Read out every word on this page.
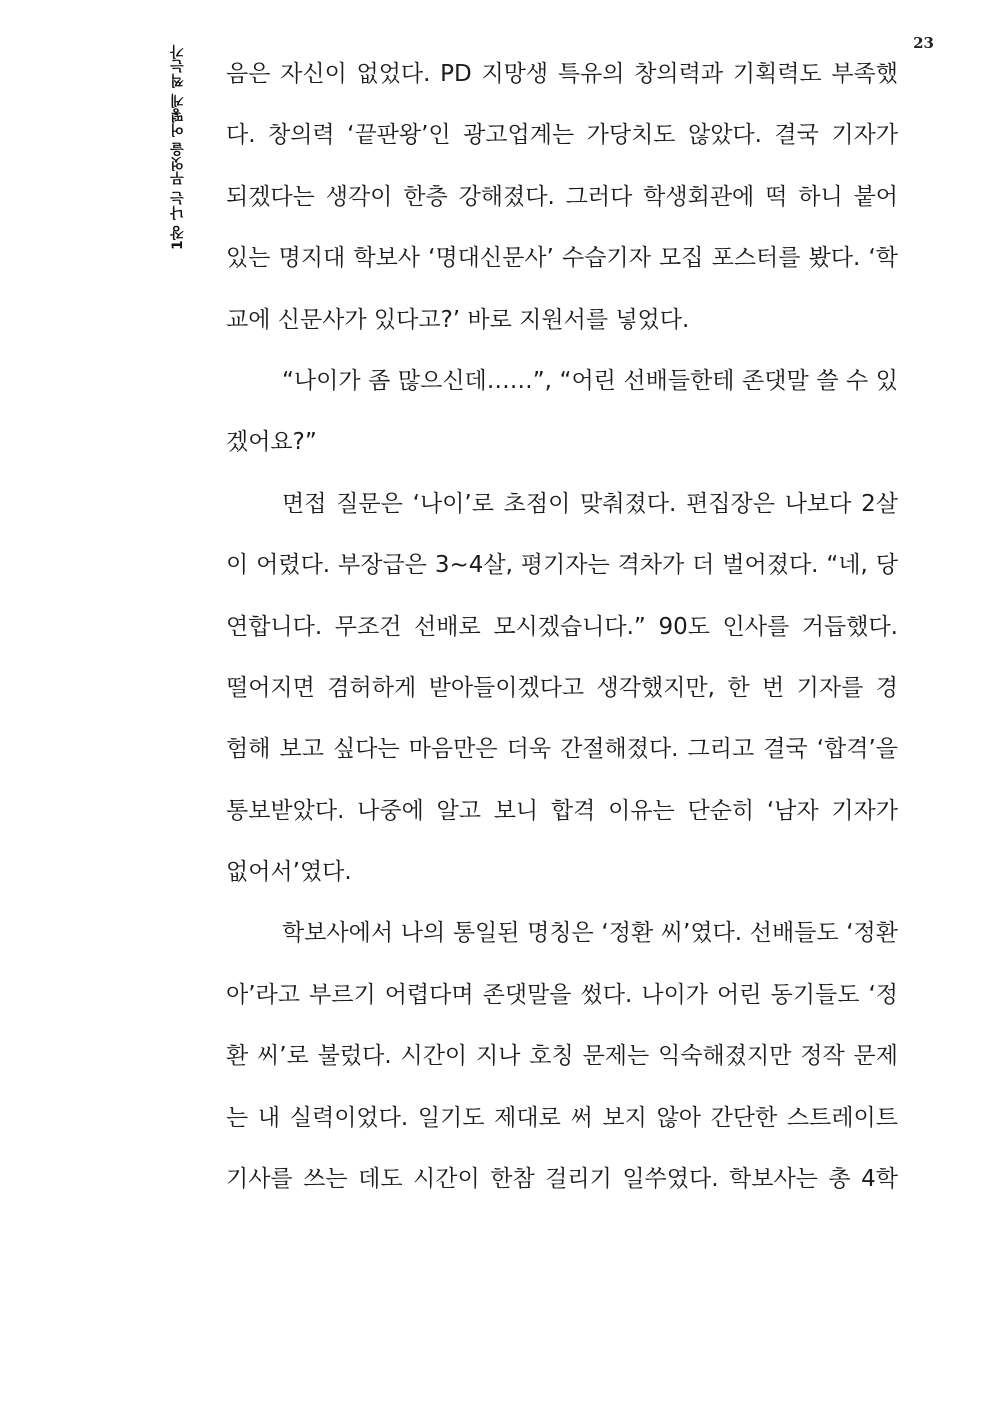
23
1장 나는 무엇을 어떻게 찍는가 음은 자신이 없었다. PD 지망생 특유의 창의력과 기획력도 부족했
다. 창의력 ‘끝판왕’인 광고업계는 가당치도 않았다. 결국 기자가
되겠다는 생각이 한층 강해졌다. 그러다 학생회관에 떡 하니 붙어
있는 명지대 학보사 ‘명대신문사’ 수습기자 모집 포스터를 봤다. ‘학
교에 신문사가 있다고?’ 바로 지원서를 넣었다.
“나이가 좀 많으신데……”, “어린 선배들한테 존댓말 쓸 수 있
겠어요?”
면접 질문은 ‘나이’로 초점이 맞춰졌다. 편집장은 나보다 2살
이 어렸다. 부장급은 3~4살, 평기자는 격차가 더 벌어졌다. “네, 당
연합니다. 무조건 선배로 모시겠습니다.” 90도 인사를 거듭했다.
떨어지면 겸허하게 받아들이겠다고 생각했지만, 한 번 기자를 경
험해 보고 싶다는 마음만은 더욱 간절해졌다. 그리고 결국 ‘합격’을
통보받았다. 나중에 알고 보니 합격 이유는 단순히 ‘남자 기자가
없어서’였다.
학보사에서 나의 통일된 명칭은 ‘정환 씨’였다. 선배들도 ‘정환
아’라고 부르기 어렵다며 존댓말을 썼다. 나이가 어린 동기들도 ‘정
환 씨’로 불렀다. 시간이 지나 호칭 문제는 익숙해졌지만 정작 문제
는 내 실력이었다. 일기도 제대로 써 보지 않아 간단한 스트레이트
기사를 쓰는 데도 시간이 한참 걸리기 일쑤였다. 학보사는 총 4학
